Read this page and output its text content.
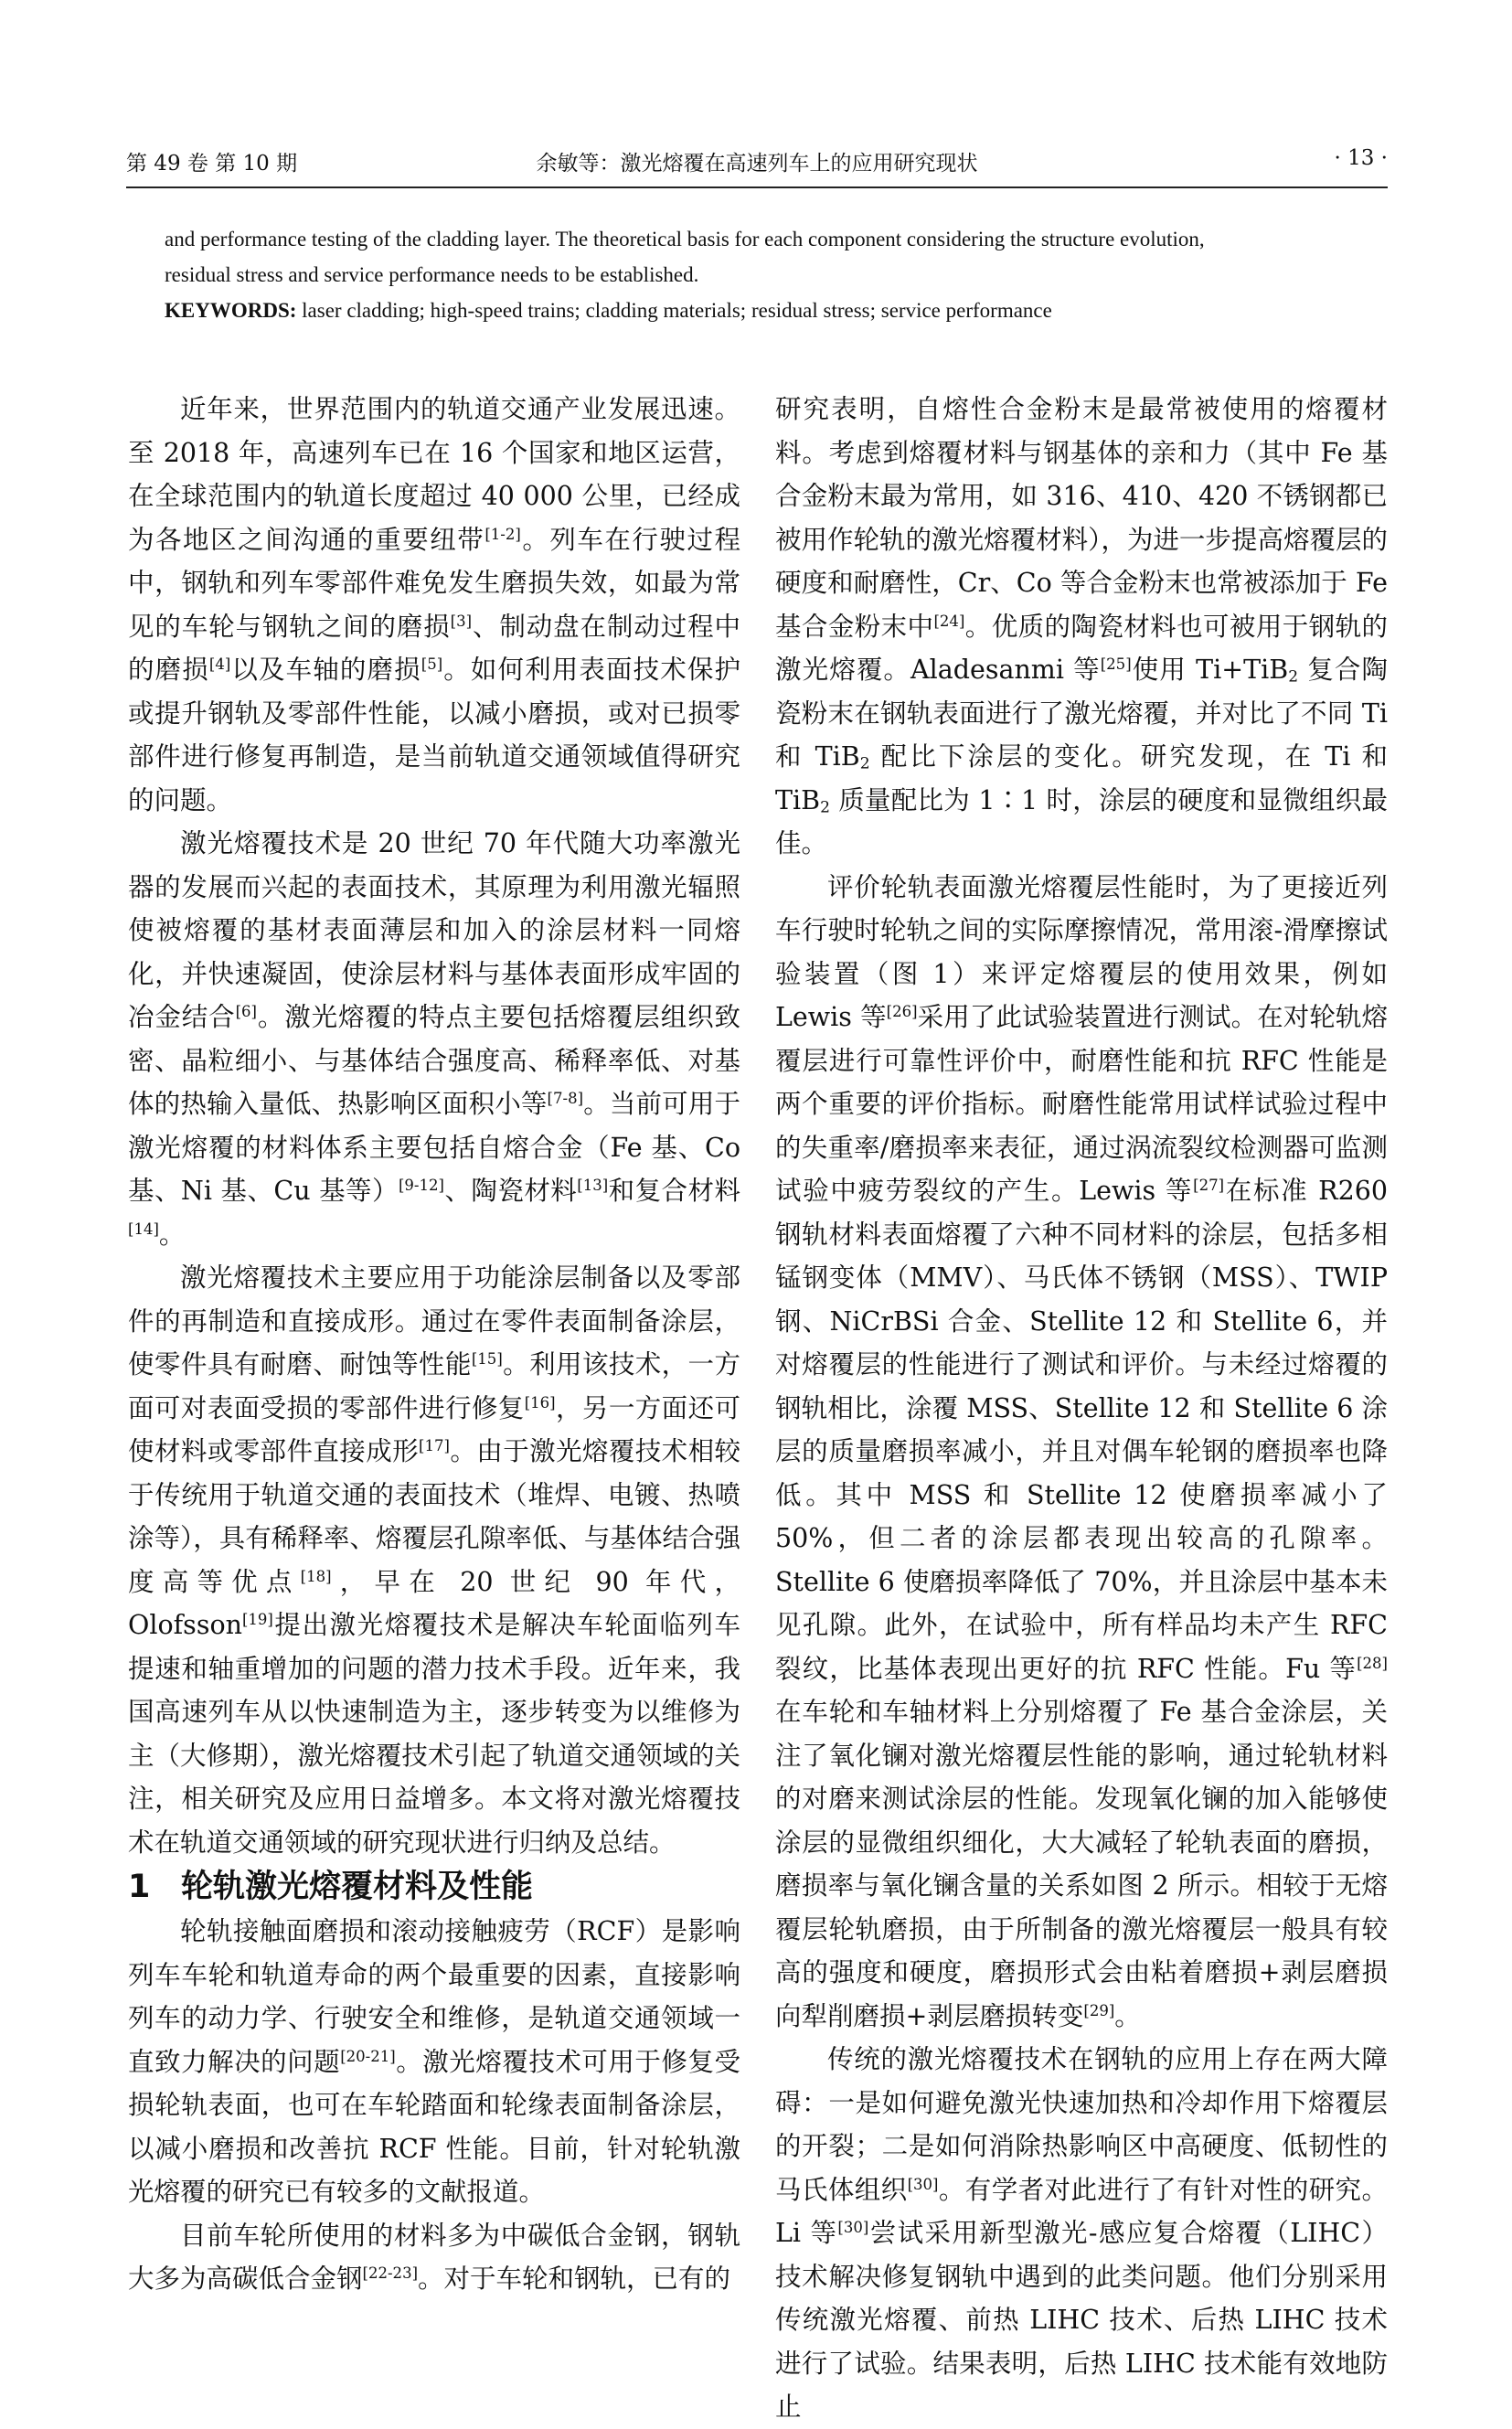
第 49 卷 第 10 期	余敏等：激光熔覆在高速列车上的应用研究现状	· 13 ·

and performance testing of the cladding layer. The theoretical basis for each component considering the structure evolution,

residual stress and service performance needs to be established.

KEYWORDS: laser cladding; high-speed trains; cladding materials; residual stress; service performance

近年来，世界范围内的轨道交通产业发展迅速。至 2018 年，高速列车已在 16 个国家和地区运营，在全球范围内的轨道长度超过 40 000 公里，已经成为各地区之间沟通的重要纽带[1-2]。列车在行驶过程中，钢轨和列车零部件难免发生磨损失效，如最为常见的车轮与钢轨之间的磨损[3]、制动盘在制动过程中的磨损[4]以及车轴的磨损[5]。如何利用表面技术保护或提升钢轨及零部件性能，以减小磨损，或对已损零部件进行修复再制造，是当前轨道交通领域值得研究的问题。

激光熔覆技术是 20 世纪 70 年代随大功率激光器的发展而兴起的表面技术，其原理为利用激光辐照使被熔覆的基材表面薄层和加入的涂层材料一同熔化，并快速凝固，使涂层材料与基体表面形成牢固的冶金结合[6]。激光熔覆的特点主要包括熔覆层组织致密、晶粒细小、与基体结合强度高、稀释率低、对基体的热输入量低、热影响区面积小等[7-8]。当前可用于激光熔覆的材料体系主要包括自熔合金（Fe 基、Co 基、Ni 基、Cu 基等）[9-12]、陶瓷材料[13]和复合材料[14]。

激光熔覆技术主要应用于功能涂层制备以及零部件的再制造和直接成形。通过在零件表面制备涂层，使零件具有耐磨、耐蚀等性能[15]。利用该技术，一方面可对表面受损的零部件进行修复[16]，另一方面还可使材料或零部件直接成形[17]。由于激光熔覆技术相较于传统用于轨道交通的表面技术（堆焊、电镀、热喷涂等），具有稀释率、熔覆层孔隙率低、与基体结合强度高等优点[18]，早在 20 世纪 90 年代，Olofsson[19]提出激光熔覆技术是解决车轮面临列车提速和轴重增加的问题的潜力技术手段。近年来，我国高速列车从以快速制造为主，逐步转变为以维修为主（大修期），激光熔覆技术引起了轨道交通领域的关注，相关研究及应用日益增多。本文将对激光熔覆技术在轨道交通领域的研究现状进行归纳及总结。

1 轮轨激光熔覆材料及性能

轮轨接触面磨损和滚动接触疲劳（RCF）是影响列车车轮和轨道寿命的两个最重要的因素，直接影响列车的动力学、行驶安全和维修，是轨道交通领域一直致力解决的问题[20-21]。激光熔覆技术可用于修复受损轮轨表面，也可在车轮踏面和轮缘表面制备涂层，以减小磨损和改善抗 RCF 性能。目前，针对轮轨激光熔覆的研究已有较多的文献报道。

目前车轮所使用的材料多为中碳低合金钢，钢轨大多为高碳低合金钢[22-23]。对于车轮和钢轨，已有的

研究表明，自熔性合金粉末是最常被使用的熔覆材料。考虑到熔覆材料与钢基体的亲和力（其中 Fe 基合金粉末最为常用，如 316、410、420 不锈钢都已被用作轮轨的激光熔覆材料），为进一步提高熔覆层的硬度和耐磨性，Cr、Co 等合金粉末也常被添加于 Fe 基合金粉末中[24]。优质的陶瓷材料也可被用于钢轨的激光熔覆。Aladesanmi 等[25]使用 Ti+TiB$_2$ 复合陶瓷粉末在钢轨表面进行了激光熔覆，并对比了不同 Ti 和 TiB$_2$ 配比下涂层的变化。研究发现，在 Ti 和 TiB$_2$ 质量配比为 1∶1 时，涂层的硬度和显微组织最佳。

评价轮轨表面激光熔覆层性能时，为了更接近列车行驶时轮轨之间的实际摩擦情况，常用滚-滑摩擦试验装置（图 1）来评定熔覆层的使用效果，例如 Lewis 等[26]采用了此试验装置进行测试。在对轮轨熔覆层进行可靠性评价中，耐磨性能和抗 RFC 性能是两个重要的评价指标。耐磨性能常用试样试验过程中的失重率/磨损率来表征，通过涡流裂纹检测器可监测试验中疲劳裂纹的产生。Lewis 等[27]在标准 R260 钢轨材料表面熔覆了六种不同材料的涂层，包括多相锰钢变体（MMV）、马氏体不锈钢（MSS）、TWIP 钢、NiCrBSi 合金、Stellite 12 和 Stellite 6，并对熔覆层的性能进行了测试和评价。与未经过熔覆的钢轨相比，涂覆 MSS、Stellite 12 和 Stellite 6 涂层的质量磨损率减小，并且对偶车轮钢的磨损率也降低。其中 MSS 和 Stellite 12 使磨损率减小了 50%，但二者的涂层都表现出较高的孔隙率。Stellite 6 使磨损率降低了 70%，并且涂层中基本未见孔隙。此外，在试验中，所有样品均未产生 RFC 裂纹，比基体表现出更好的抗 RFC 性能。Fu 等[28]在车轮和车轴材料上分别熔覆了 Fe 基合金涂层，关注了氧化镧对激光熔覆层性能的影响，通过轮轨材料的对磨来测试涂层的性能。发现氧化镧的加入能够使涂层的显微组织细化，大大减轻了轮轨表面的磨损，磨损率与氧化镧含量的关系如图 2 所示。相较于无熔覆层轮轨磨损，由于所制备的激光熔覆层一般具有较高的强度和硬度，磨损形式会由粘着磨损+剥层磨损向犁削磨损+剥层磨损转变[29]。

传统的激光熔覆技术在钢轨的应用上存在两大障碍：一是如何避免激光快速加热和冷却作用下熔覆层的开裂；二是如何消除热影响区中高硬度、低韧性的马氏体组织[30]。有学者对此进行了有针对性的研究。Li 等[30]尝试采用新型激光-感应复合熔覆（LIHC）技术解决修复钢轨中遇到的此类问题。他们分别采用传统激光熔覆、前热 LIHC 技术、后热 LIHC 技术进行了试验。结果表明，后热 LIHC 技术能有效地防止
